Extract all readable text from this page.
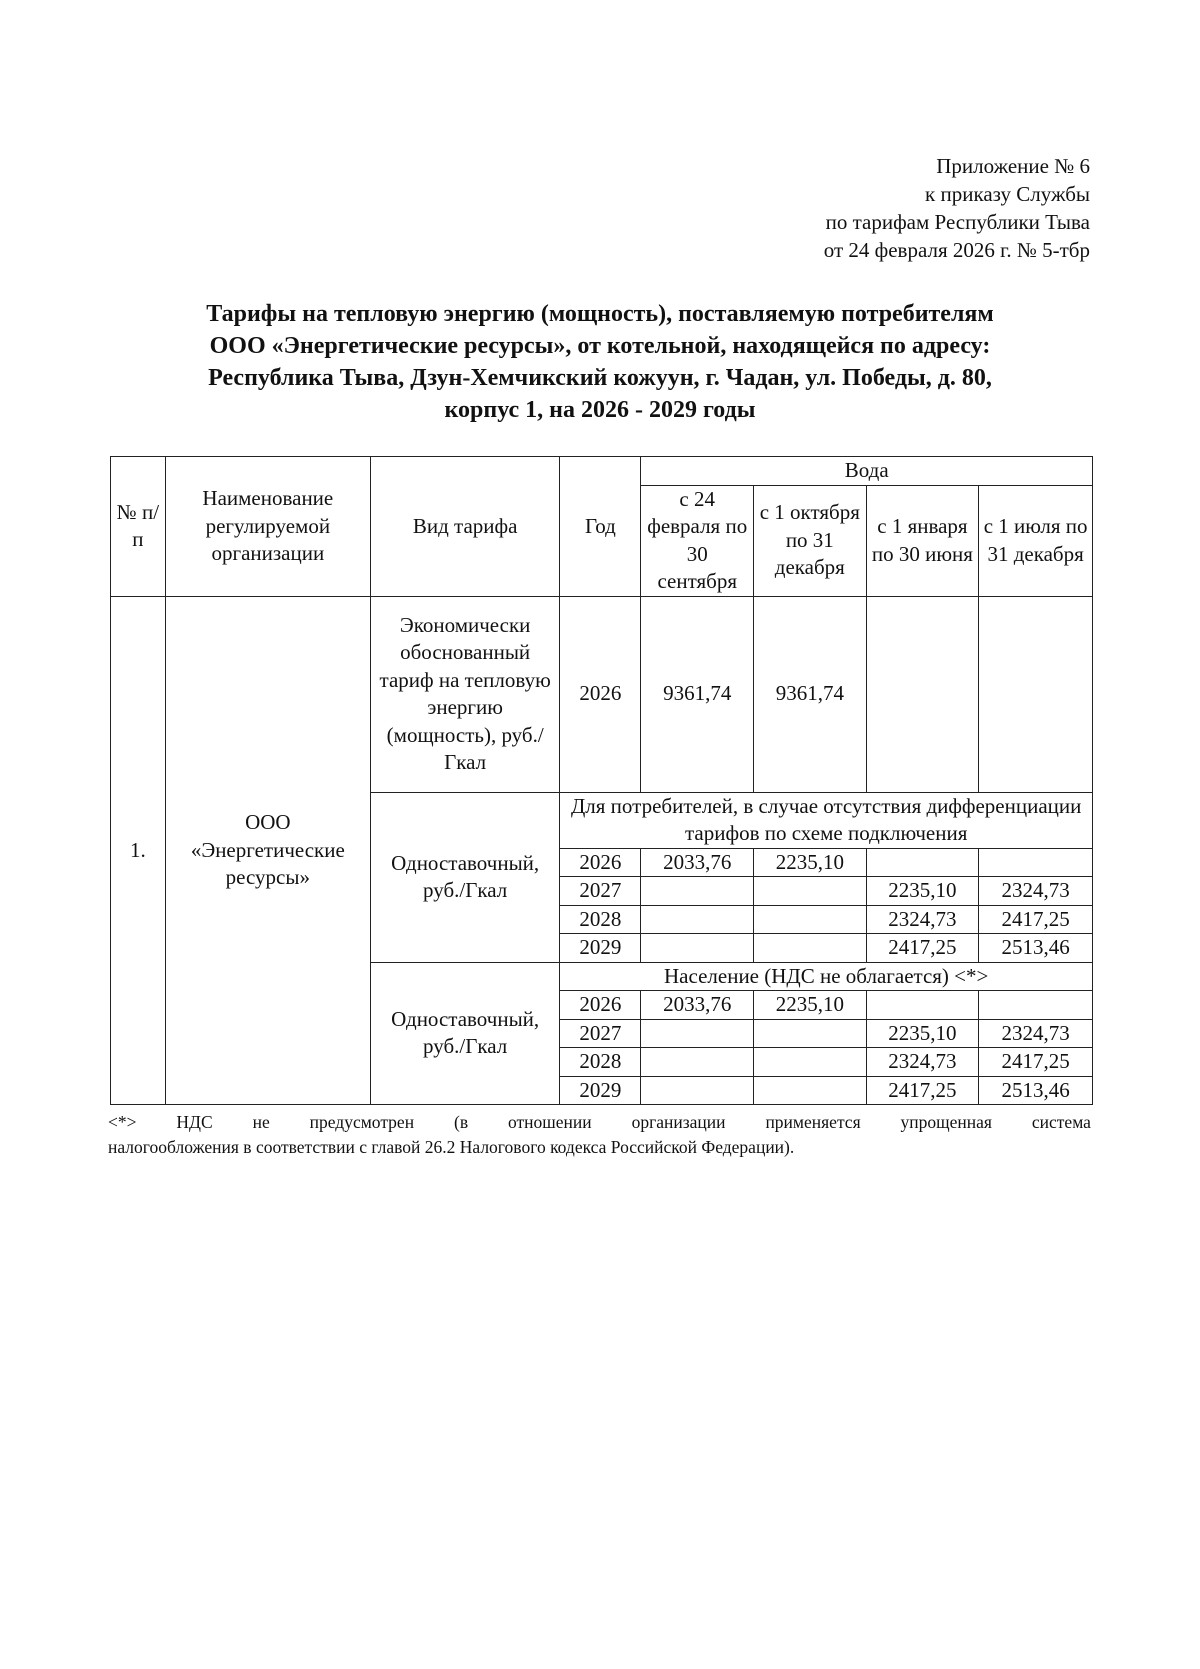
Приложение № 6
к приказу Службы
по тарифам Республики Тыва
от 24 февраля 2026 г. № 5-тбр
Тарифы на тепловую энергию (мощность), поставляемую потребителям
ООО «Энергетические ресурсы», от котельной, находящейся по адресу:
Республика Тыва, Дзун-Хемчикский кожуун, г. Чадан, ул. Победы, д. 80,
корпус 1, на 2026 - 2029 годы
№ п/п	Наименование регулируемой организации	Вид тарифа	Год	Вода			
				с 24 февраля по 30 сентября	с 1 октября по 31 декабря	с 1 января по 30 июня	с 1 июля по 31 декабря
1.	ООО «Энергетические ресурсы»	Экономически обоснованный тариф на тепловую энергию (мощность), руб./Гкал	2026	9361,74	9361,74		
		Одноставочный, руб./Гкал	Для потребителей, в случае отсутствия дифференциации тарифов по схеме подключения				
			2026	2033,76	2235,10		
			2027			2235,10	2324,73
			2028			2324,73	2417,25
			2029			2417,25	2513,46
		Одноставочный, руб./Гкал	Население (НДС не облагается) <*>				
			2026	2033,76	2235,10		
			2027			2235,10	2324,73
			2028			2324,73	2417,25
			2029			2417,25	2513,46
<*> НДС не предусмотрен (в отношении организации применяется упрощенная система
налогообложения в соответствии с главой 26.2 Налогового кодекса Российской Федерации).
